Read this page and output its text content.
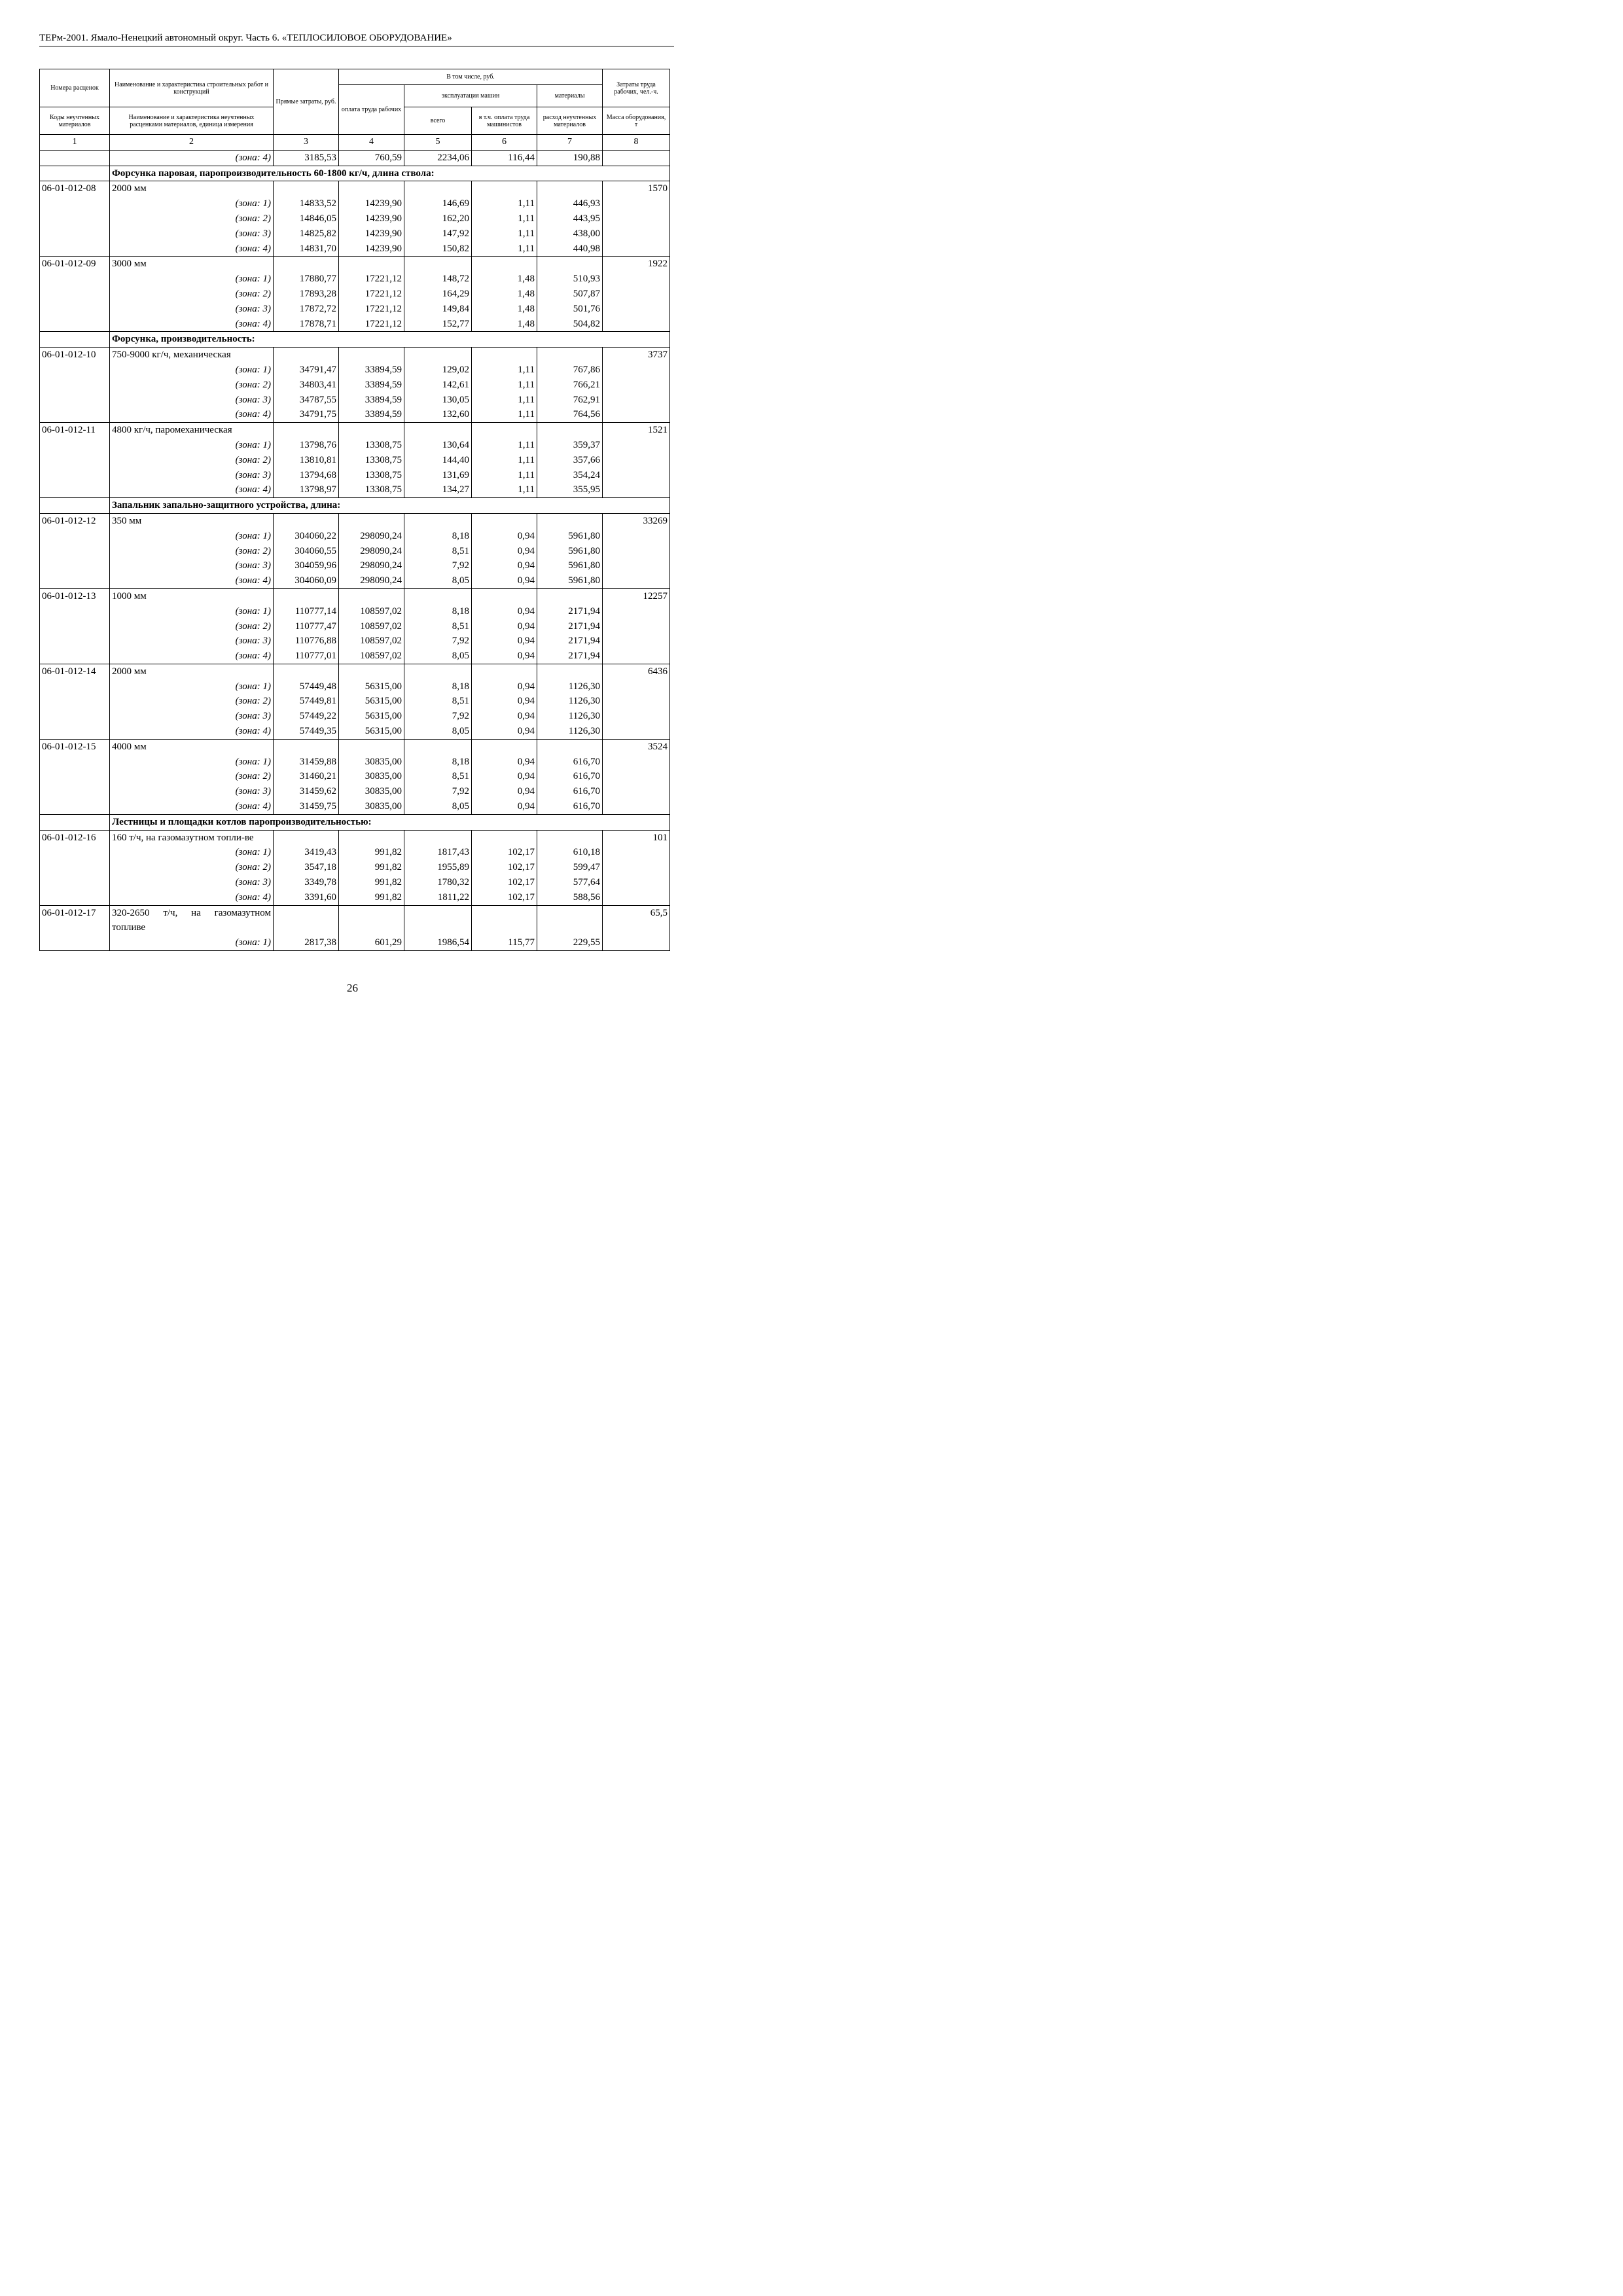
ТЕРм-2001. Ямало-Ненецкий автономный округ. Часть 6. «ТЕПЛОСИЛОВОЕ ОБОРУДОВАНИЕ»
Номера расценок	Наименование и характеристика строительных работ и конструкций	Прямые затраты, руб.	В том числе, руб.				Затраты труда рабочих, чел.-ч.
			оплата труда рабочих	эксплуатация машин		материалы	
Коды неучтенных материалов	Наименование и характеристика неучтенных расценками материалов, единица измерения			всего	в т.ч. оплата труда машинистов	расход неучтенных материалов	Масса оборудования, т
1	2	3	4	5	6	7	8
	(зона: 4)	3185,53	760,59	2234,06	116,44	190,88	
	Форсунка паровая, паропроизводительность 60-1800 кг/ч, длина ствола:						
06-01-012-08	2000 мм						1570
	(зона: 1)	14833,52	14239,90	146,69	1,11	446,93	
	(зона: 2)	14846,05	14239,90	162,20	1,11	443,95	
	(зона: 3)	14825,82	14239,90	147,92	1,11	438,00	
	(зона: 4)	14831,70	14239,90	150,82	1,11	440,98	
06-01-012-09	3000 мм						1922
	(зона: 1)	17880,77	17221,12	148,72	1,48	510,93	
	(зона: 2)	17893,28	17221,12	164,29	1,48	507,87	
	(зона: 3)	17872,72	17221,12	149,84	1,48	501,76	
	(зона: 4)	17878,71	17221,12	152,77	1,48	504,82	
	Форсунка, производительность:						
06-01-012-10	750-9000 кг/ч, механическая						3737
	(зона: 1)	34791,47	33894,59	129,02	1,11	767,86	
	(зона: 2)	34803,41	33894,59	142,61	1,11	766,21	
	(зона: 3)	34787,55	33894,59	130,05	1,11	762,91	
	(зона: 4)	34791,75	33894,59	132,60	1,11	764,56	
06-01-012-11	4800 кг/ч, паромеханическая						1521
	(зона: 1)	13798,76	13308,75	130,64	1,11	359,37	
	(зона: 2)	13810,81	13308,75	144,40	1,11	357,66	
	(зона: 3)	13794,68	13308,75	131,69	1,11	354,24	
	(зона: 4)	13798,97	13308,75	134,27	1,11	355,95	
	Запальник запально-защитного устройства, длина:						
06-01-012-12	350 мм						33269
	(зона: 1)	304060,22	298090,24	8,18	0,94	5961,80	
	(зона: 2)	304060,55	298090,24	8,51	0,94	5961,80	
	(зона: 3)	304059,96	298090,24	7,92	0,94	5961,80	
	(зона: 4)	304060,09	298090,24	8,05	0,94	5961,80	
06-01-012-13	1000 мм						12257
	(зона: 1)	110777,14	108597,02	8,18	0,94	2171,94	
	(зона: 2)	110777,47	108597,02	8,51	0,94	2171,94	
	(зона: 3)	110776,88	108597,02	7,92	0,94	2171,94	
	(зона: 4)	110777,01	108597,02	8,05	0,94	2171,94	
06-01-012-14	2000 мм						6436
	(зона: 1)	57449,48	56315,00	8,18	0,94	1126,30	
	(зона: 2)	57449,81	56315,00	8,51	0,94	1126,30	
	(зона: 3)	57449,22	56315,00	7,92	0,94	1126,30	
	(зона: 4)	57449,35	56315,00	8,05	0,94	1126,30	
06-01-012-15	4000 мм						3524
	(зона: 1)	31459,88	30835,00	8,18	0,94	616,70	
	(зона: 2)	31460,21	30835,00	8,51	0,94	616,70	
	(зона: 3)	31459,62	30835,00	7,92	0,94	616,70	
	(зона: 4)	31459,75	30835,00	8,05	0,94	616,70	
	Лестницы и площадки котлов паропроизводительностью:						
06-01-012-16	160 т/ч, на газомазутном топли-ве						101
	(зона: 1)	3419,43	991,82	1817,43	102,17	610,18	
	(зона: 2)	3547,18	991,82	1955,89	102,17	599,47	
	(зона: 3)	3349,78	991,82	1780,32	102,17	577,64	
	(зона: 4)	3391,60	991,82	1811,22	102,17	588,56	
06-01-012-17	320-2650 т/ч, на газомазутном топливе						65,5
	(зона: 1)	2817,38	601,29	1986,54	115,77	229,55	
26
